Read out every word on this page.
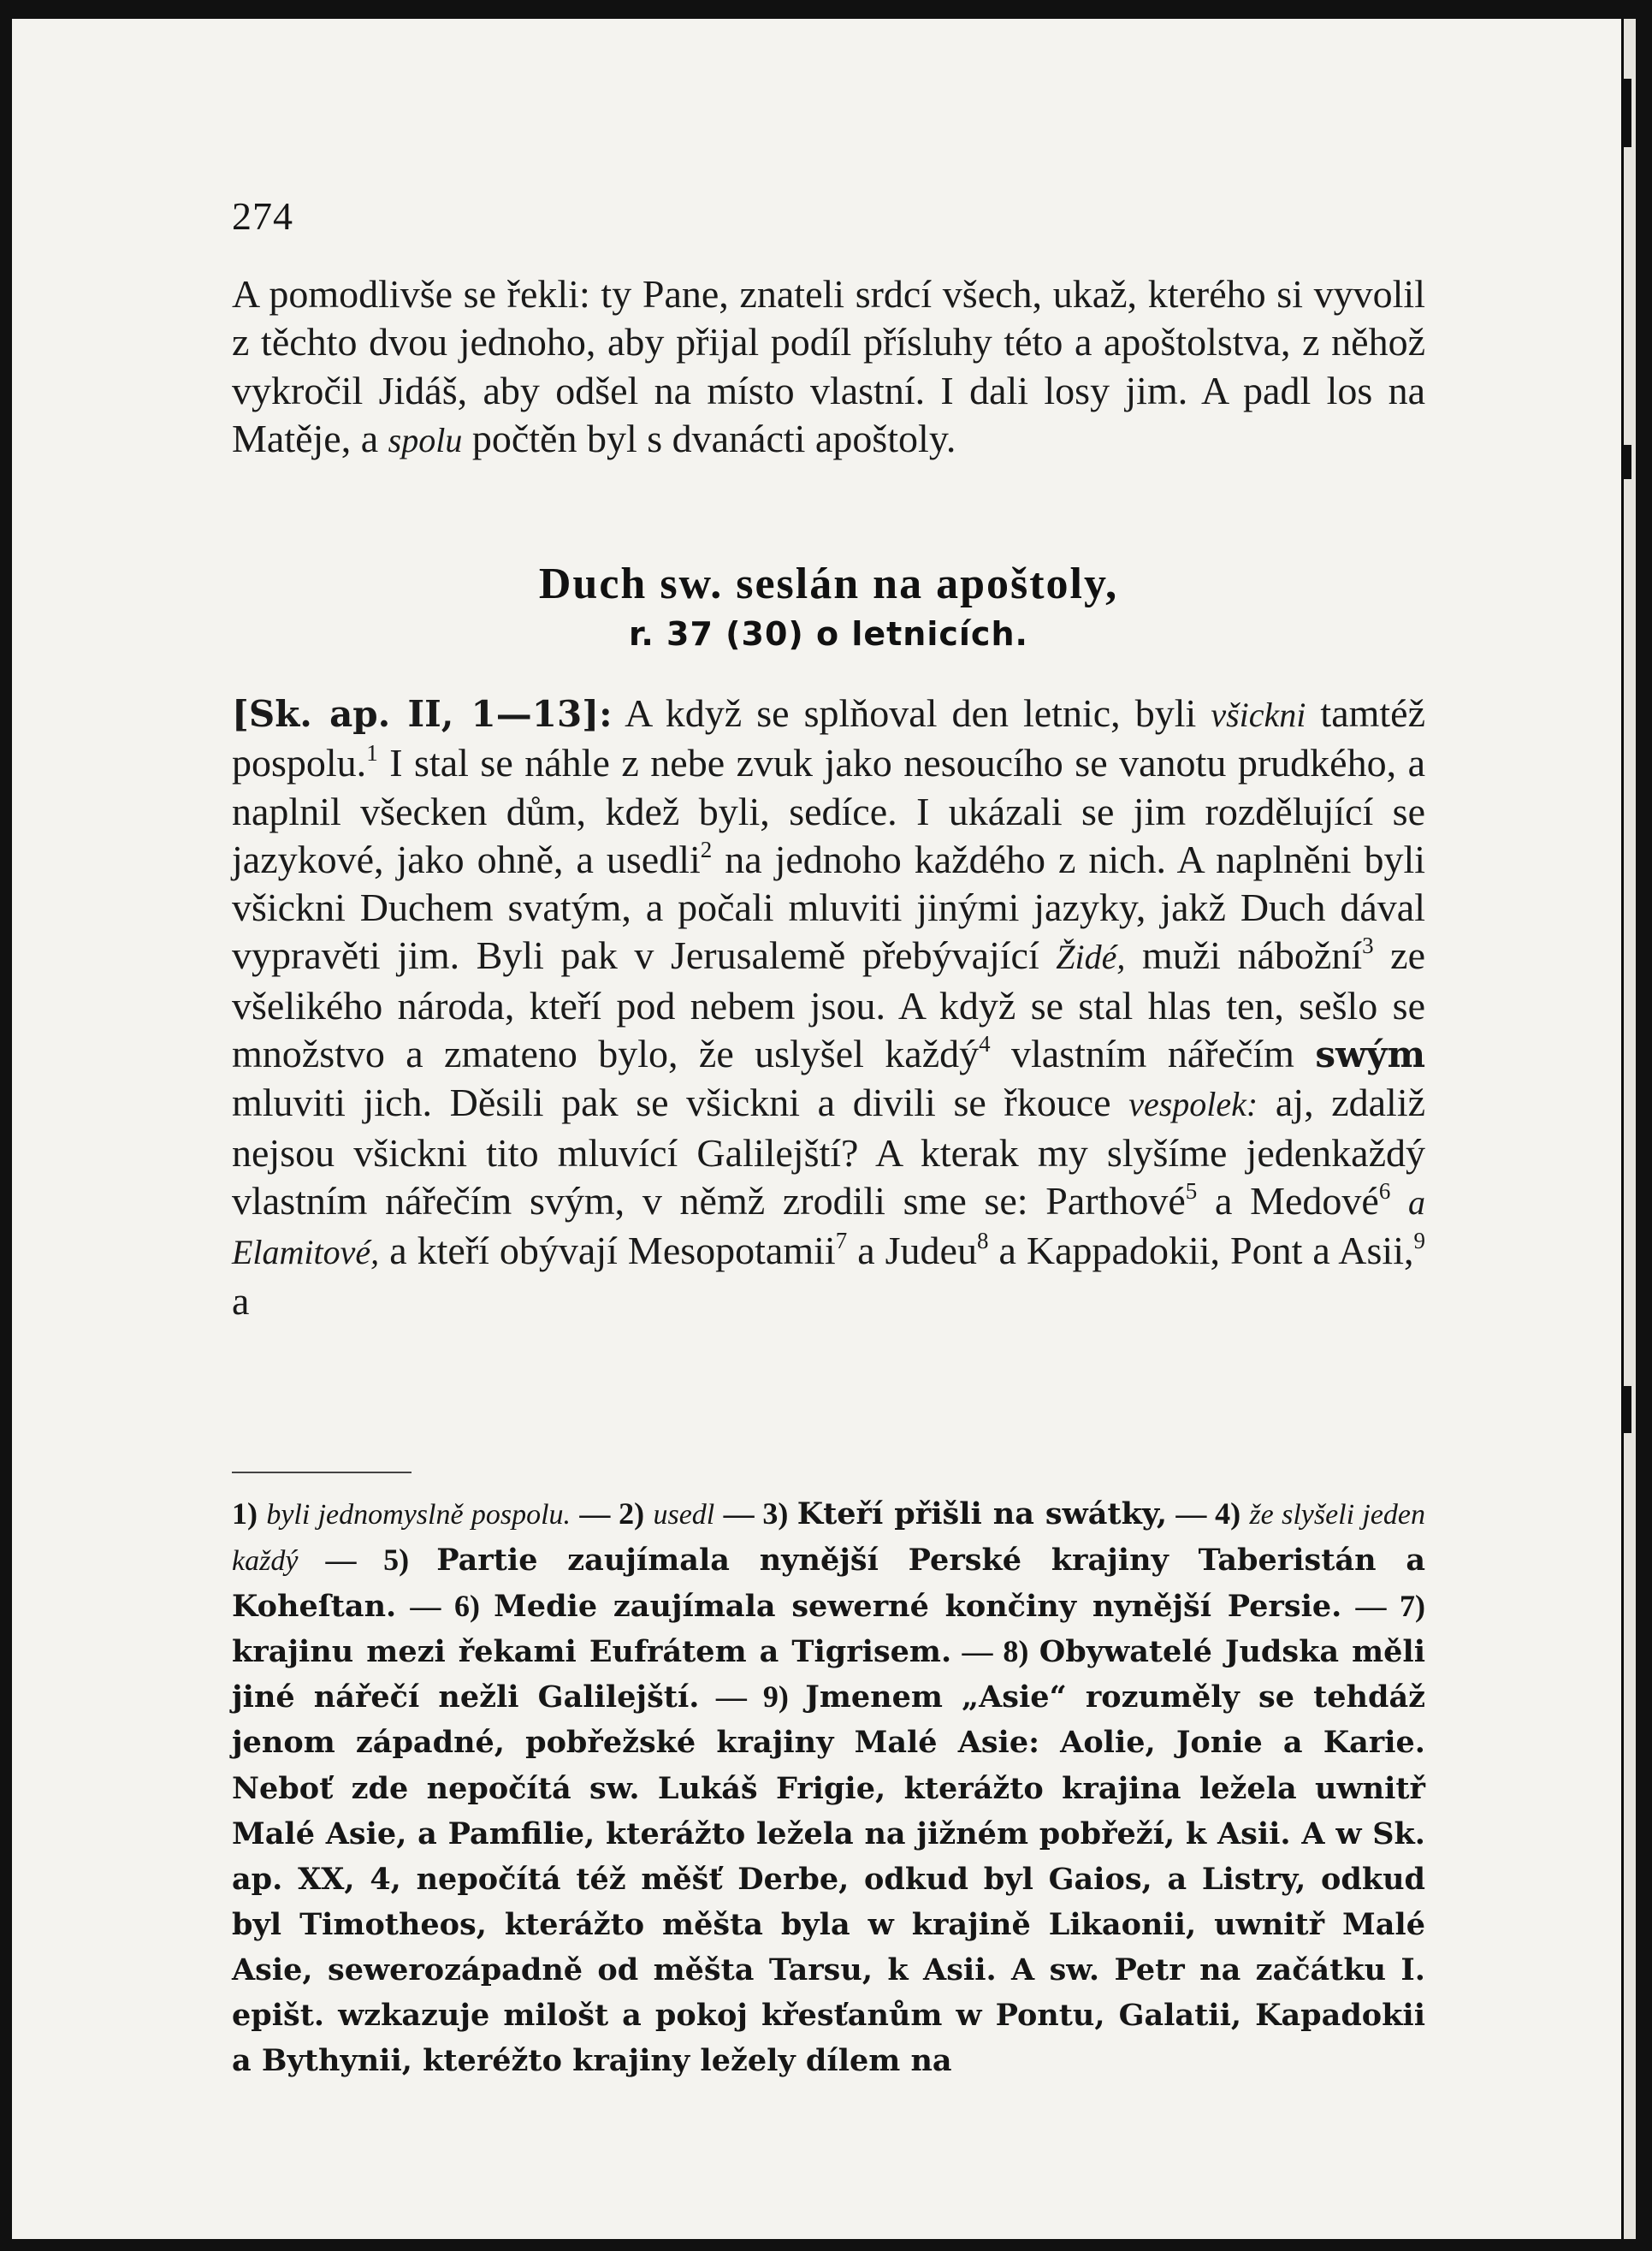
274

A pomodlivše se řekli: ty Pane, znateli srdcí všech, ukaž, kterého si vyvolil z těchto dvou jednoho, aby přijal podíl přísluhy této a apoštolstva, z něhož vykročil Jidáš, aby odšel na místo vlastní. I dali losy jim. A padl los na Matěje, a spolu počtěn byl s dvanácti apoštoly.

Duch sw. seslán na apoštoly,

r. 37 (30) o letnicích.

[Sk. ap. II, 1—13]: A když se splňoval den letnic, byli všickni tamtéž pospolu.$^1$ I stal se náhle z nebe zvuk jako nesoucího se vanotu prudkého, a naplnil všecken dům, kdež byli, sedíce. I ukázali se jim rozdělující se jazykové, jako ohně, a usedli$^2$ na jednoho každého z nich. A naplněni byli všickni Duchem svatým, a počali mluviti jinými jazyky, jakž Duch dával vypravěti jim. Byli pak v Jerusalemě přebývající Židé, muži nábožní$^3$ ze všelikého národa, kteří pod nebem jsou. A když se stal hlas ten, sešlo se množstvo a zmateno bylo, že uslyšel každý$^4$ vlastním nářečím swým mluviti jich. Děsili pak se všickni a divili se řkouce vespolek: aj, zdaliž nejsou všickni tito mluvící Galilejští? A kterak my slyšíme jedenkaždý vlastním nářečím svým, v němž zrodili sme se: Parthové$^5$ a Medové$^6$ a Elamitové, a kteří obývají Mesopotamii$^7$ a Judeu$^8$ a Kappadokii, Pont a Asii,$^9$ a

1) byli jednomyslně pospolu. — 2) usedl — 3) Kteří přišli na swátky, — 4) že slyšeli jeden každý — 5) Partie zaujímala nynější Perské krajiny Taberistán a Koheſtan. — 6) Medie zaujímala sewerné končiny nynější Persie. — 7) krajinu mezi řekami Eufrátem a Tigrisem. — 8) Obywatelé Judska měli jiné nářečí nežli Galilejští. — 9) Jmenem „Asie“ rozuměly se tehdáž jenom západné, pobřežské krajiny Malé Asie: Aolie, Jonie a Karie. Neboť zde nepočítá sw. Lukáš Frigie, kterážto krajina ležela uwnitř Malé Asie, a Pamfilie, kterážto ležela na jižném pobřeží, k Asii. A w Sk. ap. XX, 4, nepočítá též měšť Derbe, odkud byl Gaios, a Listry, odkud byl Timotheos, kterážto měšta byla w krajině Likaonii, uwnitř Malé Asie, sewerozápadně od měšta Tarsu, k Asii. A sw. Petr na začátku I. epišt. wzkazuje milošt a pokoj křesťanům w Pontu, Galatii, Kapadokii a Bythynii, kteréžto krajiny ležely dílem na
